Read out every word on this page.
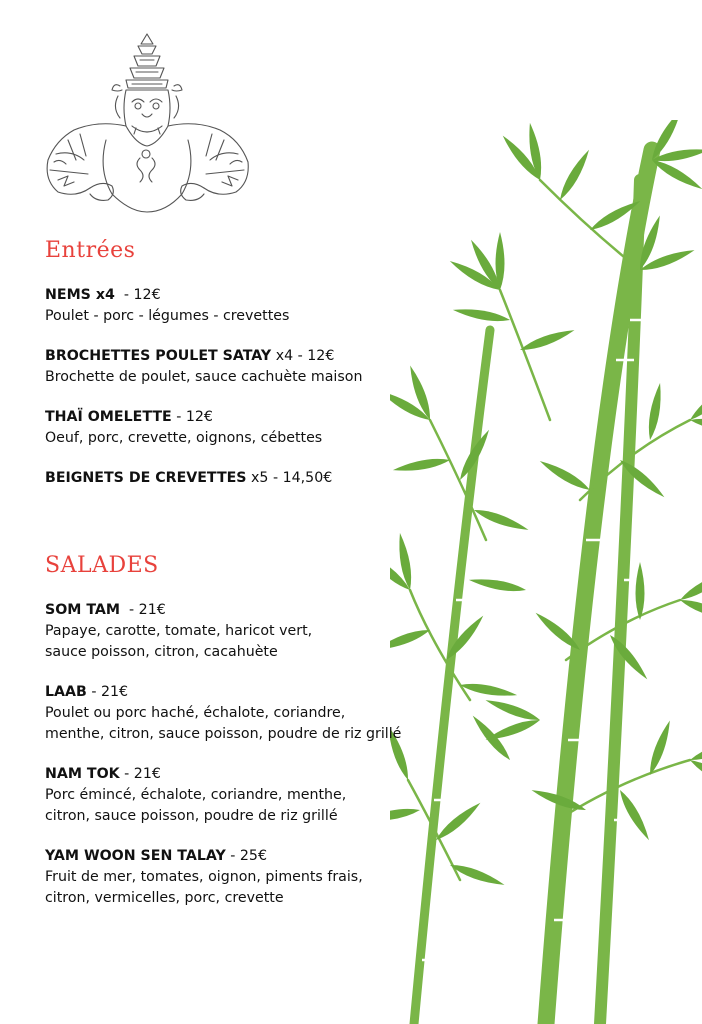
Entrées
NEMS x4  - 12€
Poulet - porc - légumes - crevettes
BROCHETTES POULET SATAY x4 - 12€
Brochette de poulet, sauce cachuète maison
THAÏ OMELETTE - 12€
Oeuf, porc, crevette, oignons, cébettes
BEIGNETS DE CREVETTES x5 - 14,50€
SALADES
SOM TAM  - 21€
Papaye, carotte, tomate, haricot vert,
sauce poisson, citron, cacahuète
LAAB - 21€
Poulet ou porc haché, échalote, coriandre,
menthe, citron, sauce poisson, poudre de riz grillé
NAM TOK - 21€
Porc émincé, échalote, coriandre, menthe,
citron, sauce poisson, poudre de riz grillé
YAM WOON SEN TALAY - 25€
Fruit de mer, tomates, oignon, piments frais,
citron, vermicelles, porc, crevette
